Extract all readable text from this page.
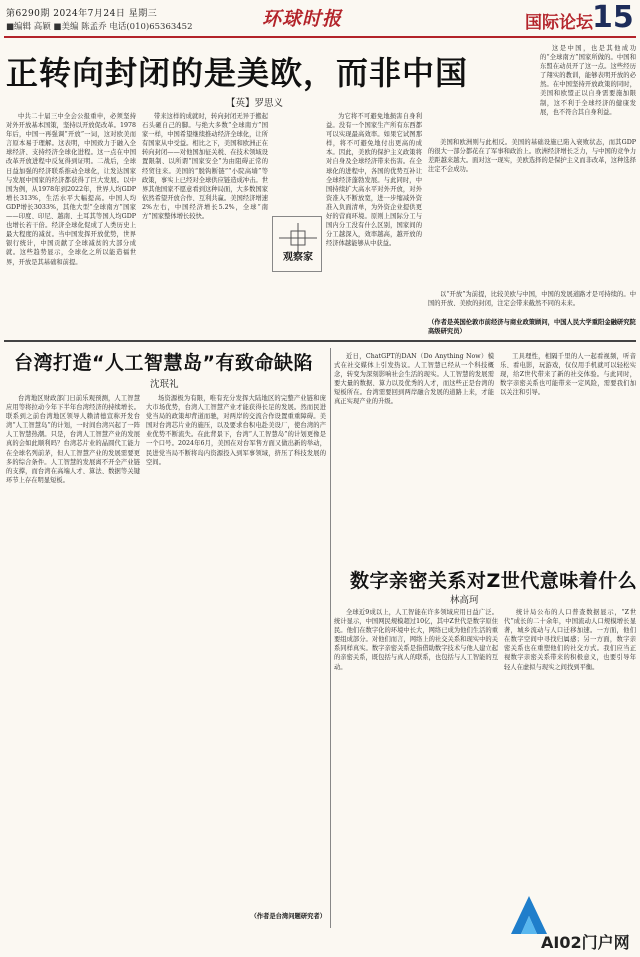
第6290期 2024年7月24日 星期三
■编辑 高颖 ■美编 陈孟乔 电话(010)65363452	环球时报	国际论坛 15
正转向封闭的是美欧，而非中国
【英】罗思义
中共二十届三中全会公报重申，必须坚持对外开放基本国策，坚持以开放促改革。1978年后，中国一再强调“开放”一词，这对欧美而言原本易于理解。这表明，中国致力于融入全球经济、支持经济全球化进程。这一点在中国改革开放进程中反复得到证明。二战后，全球日益加强的经济联系推动全球化，让发达国家与发展中国家的经济都获得了巨大发展。以中国为例，从1978年到2022年，世界人均GDP增长313%，生活水平大幅提高。中国人均GDP增长3033%，其他大型“全球南方”国家——印度、印尼、越南、土耳其等国人均GDP也增长若干倍。经济全球化促成了人类历史上最大程度的减贫。当中国发挥开放优势，世界银行统计，中国贡献了全球减贫的大部分成就。这些趋势显示，全球化之所以能造福世界，开放是其基础和前提。
带来这样的成就时，转向封闭无异于搬起石头砸自己的脚。与绝大多数“全球南方”国家一样，中国希望继续推动经济全球化，让所有国家从中受益。相比之下，美国和欧洲正在转向封闭——对他国加征关税、在技术领域设置限制、以所谓“国家安全”为由阻碍正常的经贸往来。美国的“脱钩断链”“小院高墙”等政策，事实上已经对全球供应链造成冲击。世界其他国家不愿意看到这种局面，大多数国家依然希望开放合作、互利共赢。美国经济增速2%左右，中国经济增长5.2%，全球“南方”国家整体增长较快。
为它将不可避免地损害自身利益。没有一个国家生产所有东西都可以实现最高效率。如果它试图那样，将不可避免地付出更高的成本。因此，美欧的保护主义政策将对自身及全球经济带来伤害。在全球化的进程中，各国的优势互补让全球经济蓬勃发展。与此同时，中国持续扩大高水平对外开放，对外资准入不断放宽，进一步缩减外资准入负面清单，为外资企业提供更好的营商环境。原则上国际分工与国内分工没有什么区别，国家间的分工越深入，效率越高，越开放的经济体越能够从中获益。
这是中国，也是其他成功的“全球南方”国家所做的。中国和东盟在动员开了这一点。这些经历了翔实的教训，能够表明开放的必然。在中国坚持开放政策的同时，美国和欧盟正以自身需要施加限制，这不利于全球经济的健康发展，也不符合其自身利益。
美国和欧洲则与此相反。美国的基础设施已陷入衰败状态，而其GDP的很大一部分都花在了军事和政治上。欧洲经济增长乏力，与中国的竞争力差距越来越大。面对这一现实，美欧选择的是保护主义而非改革，这种选择注定不会成功。
以“开放”为前提，比较美欧与中国，中国的发展道路才是可持续的。中国的开放、美欧的封闭，注定会带来截然不同的未来。
（作者是英国伦敦市前经济与商业政策顾问，中国人民大学重阳金融研究院高级研究员）
观察家
台湾打造“人工智慧岛”有致命缺陷
沈珉礼
台湾地区财政部门日前乐观预测，人工智慧应用等将拉动今年下半年台湾经济的持续增长。联系到之前台湾地区领导人赖清德宣称开发台湾“人工智慧岛”的计划，一时间台湾兴起了一阵人工智慧热潮。只是，台湾人工智慧产业的发展真的会如此顺利吗？台湾芯片业的晶圆代工能力在全球名列前茅，但人工智慧产业的发展需要更多的综合条件。人工智慧的发展离不开全产业链的支撑，而台湾在高端人才、算法、数据等关键环节上存在明显短板。
场资源极为有限，唯有充分发挥大陆地区的完整产业链和庞大市场优势，台湾人工智慧产业才能获得长足的发展。然而民进党当局的政策却背道而驰，对两岸的交流合作设置重重障碍。美国对台湾芯片业的施压，以及要求台积电赴美设厂，使台湾的产业优势不断流失。在此背景下，台湾“人工智慧岛”的计划更像是一个口号。2024年6月，美国在对台军售方面又做出新的举动，民进党当局不断将岛内资源投入到军事领域，挤压了科技发展的空间。
（作者是台湾问题研究者）
近日，ChatGPT的DAN（Do Anything Now）模式在社交媒体上引发热议。人工智慧已经从一个科技概念，转变为深刻影响社会生活的现实。人工智慧的发展需要大量的数据、算力以及优秀的人才，而这些正是台湾的短板所在。台湾需要回到两岸融合发展的道路上来，才能真正实现产业的升级。
工具理性，相隔千里的人一起看视频，听音乐、看电影，玩游戏，仅仅用手机就可以轻松实现，给Z世代带来了新的社交体验。与此同时，数字亲密关系也可能带来一定风险，需要我们加以关注和引导。
数字亲密关系对Z世代意味着什么
林高珂
全球近9成以上，人工智能在许多领域应用日益广泛。统计显示，中国网民规模超过10亿，其中Z世代是数字原住民。他们在数字化的环境中长大，网络已成为他们生活的重要组成部分。对他们而言，网络上的社交关系和现实中的关系同样真实。数字亲密关系是指借助数字技术与他人建立起的亲密关系，既包括与真人的联系，也包括与人工智能的互动。
统计局公布的人口普查数据显示，“Z世代”成长的二十余年，中国流动人口规模增长显著，城乡流动与人口迁移加速。一方面，他们在数字空间中寻找归属感；另一方面，数字亲密关系也在重塑他们的社交方式。我们应当正视数字亲密关系带来的积极意义，也要引导年轻人在虚拟与现实之间找到平衡。
AI02门户网
